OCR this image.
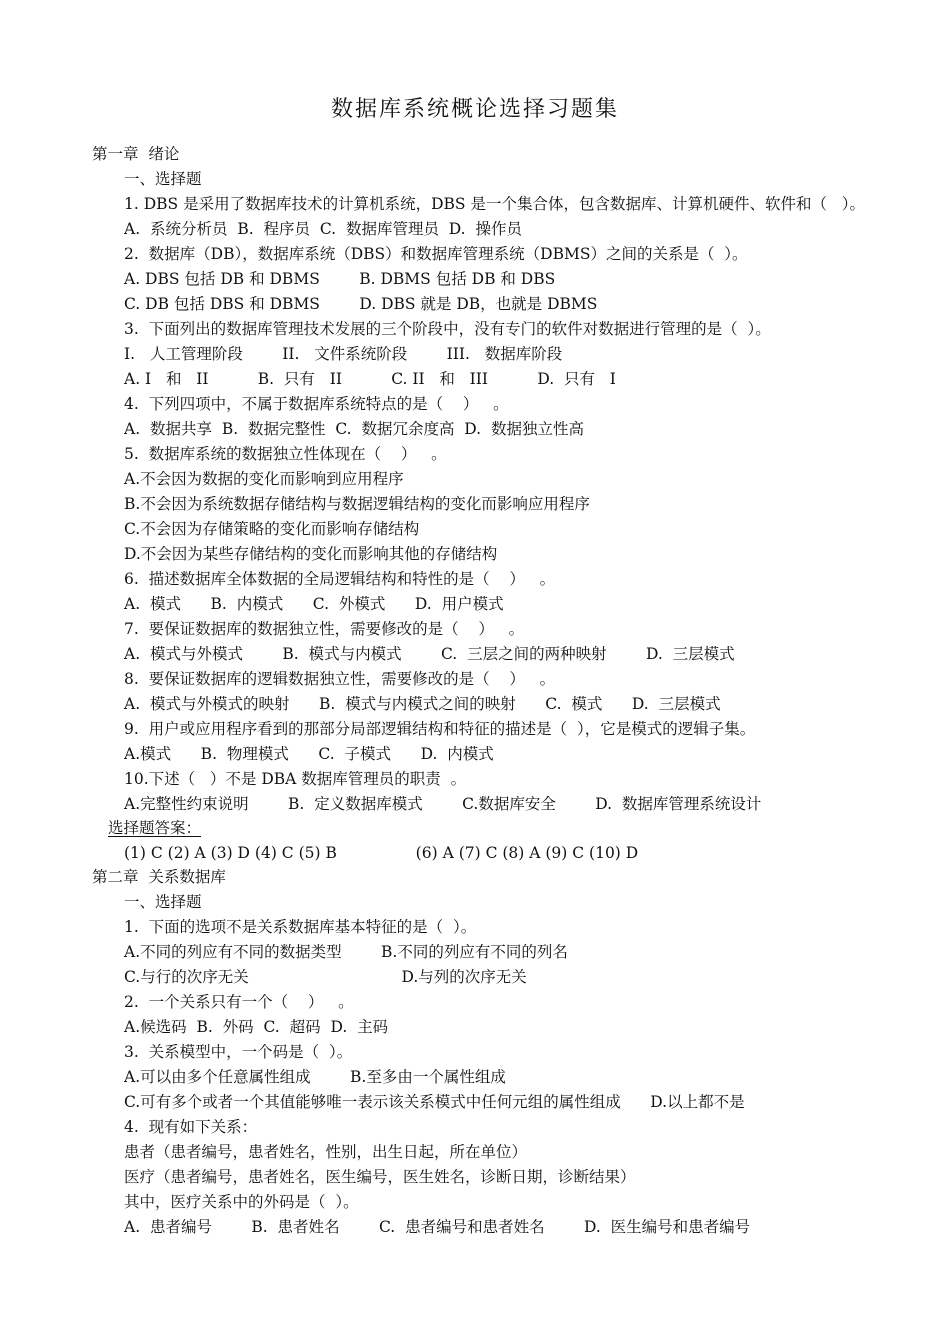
数据库系统概论选择习题集
第一章  绪论
一、选择题
1. DBS 是采用了数据库技术的计算机系统，DBS 是一个集合体，包含数据库、计算机硬件、软件和（   ）。
A.  系统分析员  B.  程序员  C.  数据库管理员  D.  操作员
2.  数据库（DB），数据库系统（DBS）和数据库管理系统（DBMS）之间的关系是（  ）。
A. DBS 包括 DB 和 DBMS        B. DBMS 包括 DB 和 DBS
C. DB 包括 DBS 和 DBMS        D. DBS 就是 DB，也就是 DBMS
3.  下面列出的数据库管理技术发展的三个阶段中，没有专门的软件对数据进行管理的是（  ）。
I.   人工管理阶段        II.   文件系统阶段        III.   数据库阶段
A. I   和   II          B.  只有   II          C. II   和   III          D.  只有   I
4.  下列四项中，不属于数据库系统特点的是（    ）   。
A.  数据共享  B.  数据完整性  C.  数据冗余度高  D.  数据独立性高
5.  数据库系统的数据独立性体现在（    ）   。
A.不会因为数据的变化而影响到应用程序
B.不会因为系统数据存储结构与数据逻辑结构的变化而影响应用程序
C.不会因为存储策略的变化而影响存储结构
D.不会因为某些存储结构的变化而影响其他的存储结构
6.  描述数据库全体数据的全局逻辑结构和特性的是（    ）   。
A.  模式      B.  内模式      C.  外模式      D.  用户模式
7.  要保证数据库的数据独立性，需要修改的是（    ）   。
A.  模式与外模式        B.  模式与内模式        C.  三层之间的两种映射        D.  三层模式
8.  要保证数据库的逻辑数据独立性，需要修改的是（    ）   。
A.  模式与外模式的映射      B.  模式与内模式之间的映射      C.  模式      D.  三层模式
9.  用户或应用程序看到的那部分局部逻辑结构和特征的描述是（  ），它是模式的逻辑子集。
A.模式      B.  物理模式      C.  子模式      D.  内模式
10.下述（   ）不是 DBA 数据库管理员的职责  。
A.完整性约束说明        B.  定义数据库模式        C.数据库安全        D.  数据库管理系统设计
选择题答案：
(1) C (2) A (3) D (4) C (5) B                (6) A (7) C (8) A (9) C (10) D
第二章  关系数据库
一、选择题
1.  下面的选项不是关系数据库基本特征的是（  ）。
A.不同的列应有不同的数据类型        B.不同的列应有不同的列名
C.与行的次序无关                               D.与列的次序无关
2.  一个关系只有一个（    ）   。
A.候选码  B.  外码  C.  超码  D.  主码
3.  关系模型中，一个码是（  ）。
A.可以由多个任意属性组成        B.至多由一个属性组成
C.可有多个或者一个其值能够唯一表示该关系模式中任何元组的属性组成      D.以上都不是
4.  现有如下关系：
患者（患者编号，患者姓名，性别，出生日起，所在单位）
医疗（患者编号，患者姓名，医生编号，医生姓名，诊断日期，诊断结果）
其中，医疗关系中的外码是（  ）。
A.  患者编号        B.  患者姓名        C.  患者编号和患者姓名        D.  医生编号和患者编号
